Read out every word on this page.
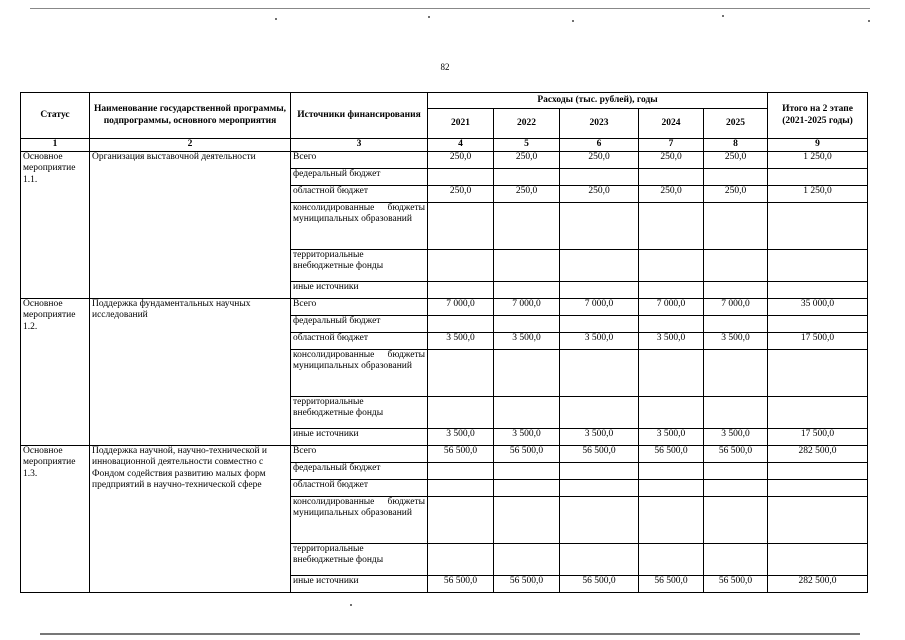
82
Статус	Наименование государственной программы, подпрограммы, основного мероприятия	Источники финансирования	Расходы (тыс. рублей), годы					Итого на 2 этапе (2021-2025 годы)
			2021	2022	2023	2024	2025	
1	2	3	4	5	6	7	8	9
Основное мероприятие 1.1.	Организация выставочной деятельности	Всего	250,0	250,0	250,0	250,0	250,0	1 250,0
		федеральный бюджет						
		областной бюджет	250,0	250,0	250,0	250,0	250,0	1 250,0
		консолидированные бюджеты муниципальных образований						
		территориальные внебюджетные фонды						
		иные источники						
Основное мероприятие 1.2.	Поддержка фундаментальных научных исследований	Всего	7 000,0	7 000,0	7 000,0	7 000,0	7 000,0	35 000,0
		федеральный бюджет						
		областной бюджет	3 500,0	3 500,0	3 500,0	3 500,0	3 500,0	17 500,0
		консолидированные бюджеты муниципальных образований						
		территориальные внебюджетные фонды						
		иные источники	3 500,0	3 500,0	3 500,0	3 500,0	3 500,0	17 500,0
Основное мероприятие 1.3.	Поддержка научной, научно-технической и инновационной деятельности совместно с Фондом содействия развитию малых форм предприятий в научно-технической сфере	Всего	56 500,0	56 500,0	56 500,0	56 500,0	56 500,0	282 500,0
		федеральный бюджет						
		областной бюджет						
		консолидированные бюджеты муниципальных образований						
		территориальные внебюджетные фонды						
		иные источники	56 500,0	56 500,0	56 500,0	56 500,0	56 500,0	282 500,0
